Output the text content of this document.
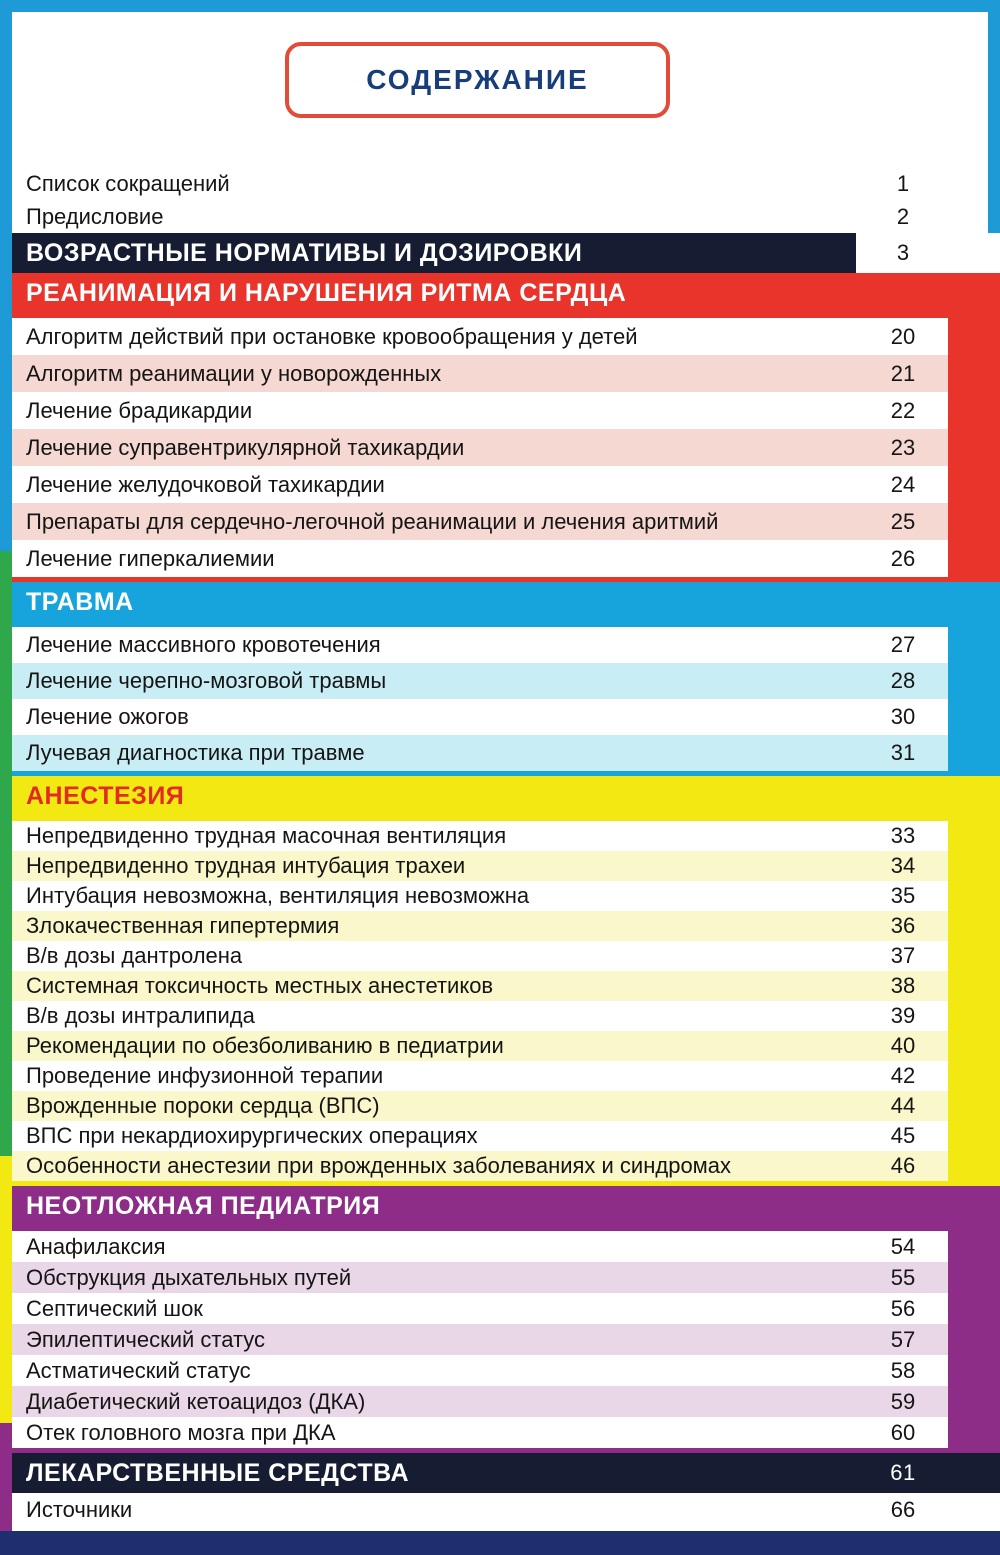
СОДЕРЖАНИЕ
Список сокращений	1
Предисловие	2
ВОЗРАСТНЫЕ НОРМАТИВЫ И ДОЗИРОВКИ	3
РЕАНИМАЦИЯ И НАРУШЕНИЯ РИТМА СЕРДЦА
Алгоритм действий при остановке кровообращения у детей	20
Алгоритм реанимации у новорожденных	21
Лечение брадикардии	22
Лечение суправентрикулярной тахикардии	23
Лечение желудочковой тахикардии	24
Препараты для сердечно-легочной реанимации и лечения аритмий	25
Лечение гиперкалиемии	26
ТРАВМА
Лечение массивного кровотечения	27
Лечение черепно-мозговой травмы	28
Лечение ожогов	30
Лучевая диагностика при травме	31
АНЕСТЕЗИЯ
Непредвиденно трудная масочная вентиляция	33
Непредвиденно трудная интубация трахеи	34
Интубация невозможна, вентиляция невозможна	35
Злокачественная гипертермия	36
В/в дозы дантролена	37
Системная токсичность местных анестетиков	38
В/в дозы интралипида	39
Рекомендации по обезболиванию в педиатрии	40
Проведение инфузионной терапии	42
Врожденные пороки сердца (ВПС)	44
ВПС при некардиохирургических операциях	45
Особенности анестезии при врожденных заболеваниях и синдромах	46
НЕОТЛОЖНАЯ ПЕДИАТРИЯ
Анафилаксия	54
Обструкция дыхательных путей	55
Септический шок	56
Эпилептический статус	57
Астматический статус	58
Диабетический кетоацидоз (ДКА)	59
Отек головного мозга при ДКА	60
ЛЕКАРСТВЕННЫЕ СРЕДСТВА	61
Источники	66
